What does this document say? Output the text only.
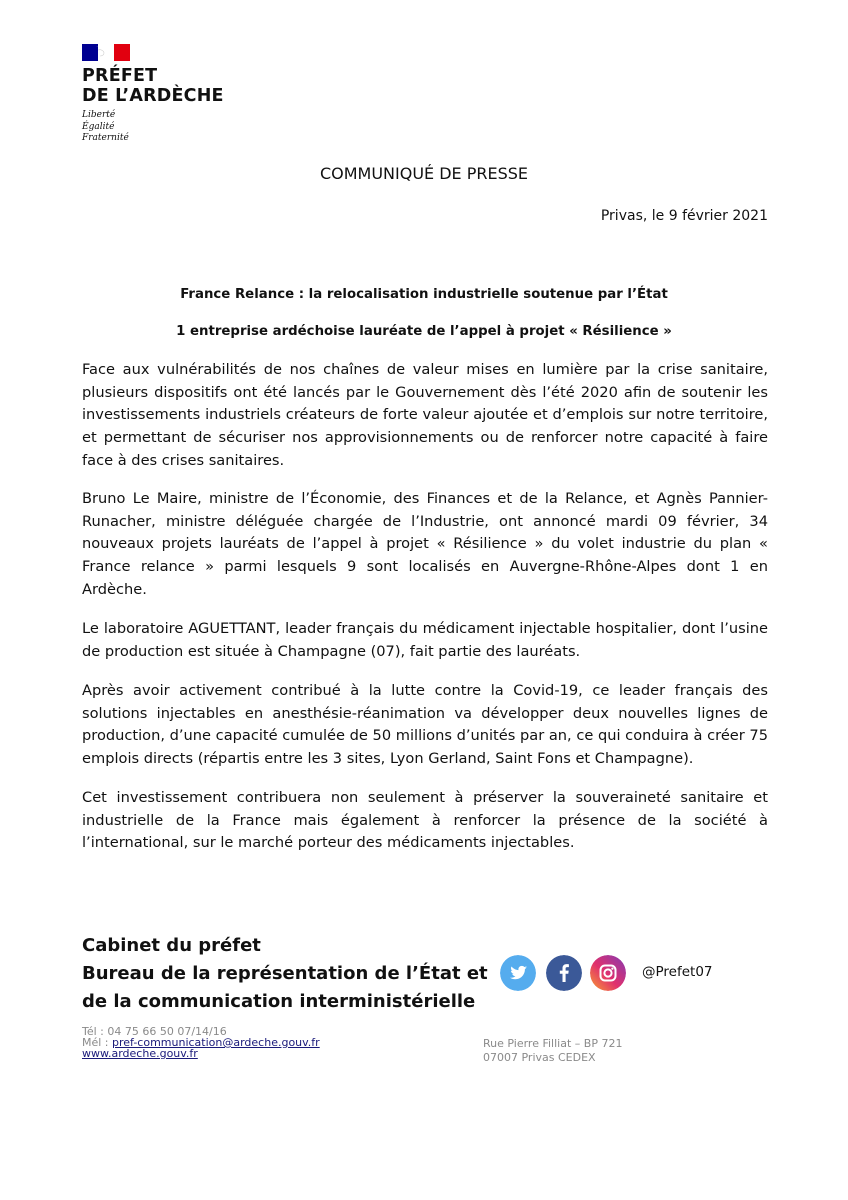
PRÉFET
DE L’ARDÈCHE
Liberté
Égalité
Fraternité
COMMUNIQUÉ DE PRESSE

Privas, le 9 février 2021

France Relance : la relocalisation industrielle soutenue par l’État

1 entreprise ardéchoise lauréate de l’appel à projet « Résilience »

Face aux vulnérabilités de nos chaînes de valeur mises en lumière par la crise sanitaire, plusieurs dispositifs ont été lancés par le Gouvernement dès l’été 2020 afin de soutenir les investissements industriels créateurs de forte valeur ajoutée et d’emplois sur notre territoire, et permettant de sécuriser nos approvisionnements ou de renforcer notre capacité à faire face à des crises sanitaires.

Bruno Le Maire, ministre de l’Économie, des Finances et de la Relance, et Agnès Pannier-Runacher, ministre déléguée chargée de l’Industrie, ont annoncé mardi 09 février, 34 nouveaux projets lauréats de l’appel à projet « Résilience » du volet industrie du plan « France relance » parmi lesquels 9 sont localisés en Auvergne-Rhône-Alpes dont 1 en Ardèche.

Le laboratoire AGUETTANT, leader français du médicament injectable hospitalier, dont l’usine de production est située à Champagne (07), fait partie des lauréats.

Après avoir activement contribué à la lutte contre la Covid-19, ce leader français des solutions injectables en anesthésie-réanimation va développer deux nouvelles lignes de production, d’une capacité cumulée de 50 millions d’unités par an, ce qui conduira à créer 75 emplois directs (répartis entre les 3 sites, Lyon Gerland, Saint Fons et Champagne).

Cet investissement contribuera non seulement à préserver la souveraineté sanitaire et industrielle de la France mais également à renforcer la présence de la société à l’international, sur le marché porteur des médicaments injectables.

Cabinet du préfet
Bureau de la représentation de l’État et
de la communication interministérielle
@Prefet07
Tél : 04 75 66 50 07/14/16
Mél : pref-communication@ardeche.gouv.fr
www.ardeche.gouv.fr
Rue Pierre Filliat – BP 721
07007 Privas CEDEX
